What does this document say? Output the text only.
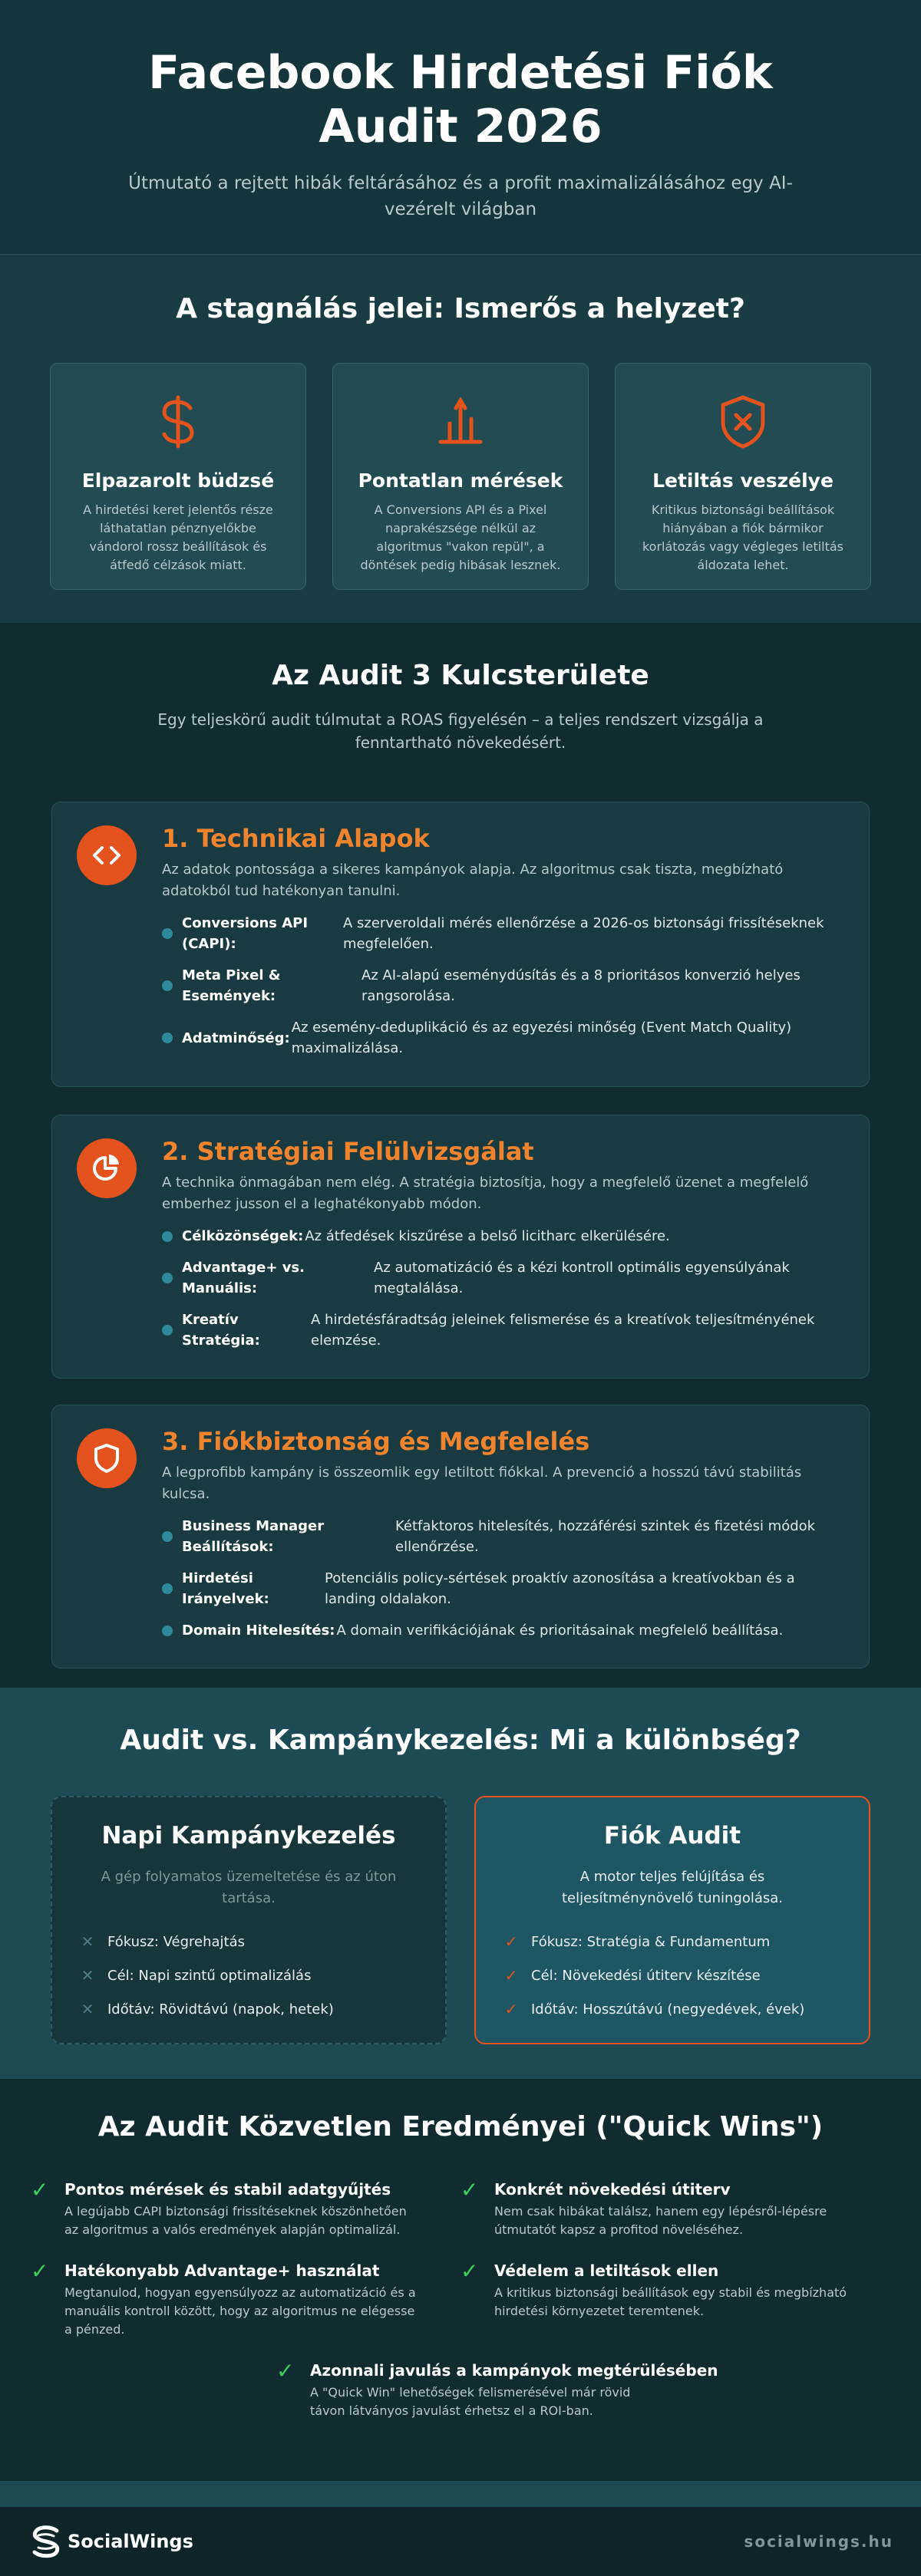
Facebook Hirdetési Fiók Audit 2026

Útmutató a rejtett hibák feltárásához és a profit maximalizálásához egy AI-vezérelt világban

A stagnálás jelei: Ismerős a helyzet?
Elpazarolt büdzsé

A hirdetési keret jelentős része láthatatlan pénznyelőkbe vándorol rossz beállítások és átfedő célzások miatt.

Pontatlan mérések

A Conversions API és a Pixel naprakészsége nélkül az algoritmus "vakon repül", a döntések pedig hibásak lesznek.

Letiltás veszélye

Kritikus biztonsági beállítások hiányában a fiók bármikor korlátozás vagy végleges letiltás áldozata lehet.

Az Audit 3 Kulcsterülete

Egy teljeskörű audit túlmutat a ROAS figyelésén – a teljes rendszert vizsgálja a fenntartható növekedésért.

1. Technikai Alapok

Az adatok pontossága a sikeres kampányok alapja. Az algoritmus csak tiszta, megbízható adatokból tud hatékonyan tanulni.

Conversions API (CAPI):
A szerveroldali mérés ellenőrzése a 2026-os biztonsági frissítéseknek megfelelően.
Meta Pixel & Események:
Az AI-alapú eseménydúsítás és a 8 prioritásos konverzió helyes rangsorolása.
Adatminőség:
Az esemény-deduplikáció és az egyezési minőség (Event Match Quality) maximalizálása.
2. Stratégiai Felülvizsgálat

A technika önmagában nem elég. A stratégia biztosítja, hogy a megfelelő üzenet a megfelelő emberhez jusson el a leghatékonyabb módon.

Célközönségek: Az átfedések kiszűrése a belső licitharc elkerülésére.
Advantage+ vs. Manuális:
Az automatizáció és a kézi kontroll optimális egyensúlyának megtalálása.
Kreatív Stratégia:
A hirdetésfáradtság jeleinek felismerése és a kreatívok teljesítményének elemzése.
3. Fiókbiztonság és Megfelelés

A legprofibb kampány is összeomlik egy letiltott fiókkal. A prevenció a hosszú távú stabilitás kulcsa.

Business Manager Beállítások:
Kétfaktoros hitelesítés, hozzáférési szintek és fizetési módok ellenőrzése.
Hirdetési Irányelvek:
Potenciális policy-sértések proaktív azonosítása a kreatívokban és a landing oldalakon.
Domain Hitelesítés: A domain verifikációjának és prioritásainak megfelelő beállítása.
Audit vs. Kampánykezelés: Mi a különbség?
Napi Kampánykezelés

A gép folyamatos üzemeltetése és az úton tartása.

✕ Fókusz: Végrehajtás
✕ Cél: Napi szintű optimalizálás
✕ Időtáv: Rövidtávú (napok, hetek)
Fiók Audit

A motor teljes felújítása és teljesítménynövelő tuningolása.

✓ Fókusz: Stratégia & Fundamentum
✓ Cél: Növekedési útiterv készítése
✓ Időtáv: Hosszútávú (negyedévek, évek)
Az Audit Közvetlen Eredményei ("Quick Wins")
✓	Pontos mérések és stabil adatgyűjtés

A legújabb CAPI biztonsági frissítéseknek köszönhetően az algoritmus a valós eredmények alapján optimalizál.

✓	Konkrét növekedési útiterv

Nem csak hibákat találsz, hanem egy lépésről-lépésre útmutatót kapsz a profitod növeléséhez.

✓	Hatékonyabb Advantage+ használat

Megtanulod, hogyan egyensúlyozz az automatizáció és a manuális kontroll között, hogy az algoritmus ne elégesse a pénzed.

✓	Védelem a letiltások ellen

A kritikus biztonsági beállítások egy stabil és megbízható hirdetési környezetet teremtenek.

✓	Azonnali javulás a kampányok megtérülésében

A "Quick Win" lehetőségek felismerésével már rövid távon látványos javulást érhetsz el a ROI-ban.

SocialWings	socialwings.hu
